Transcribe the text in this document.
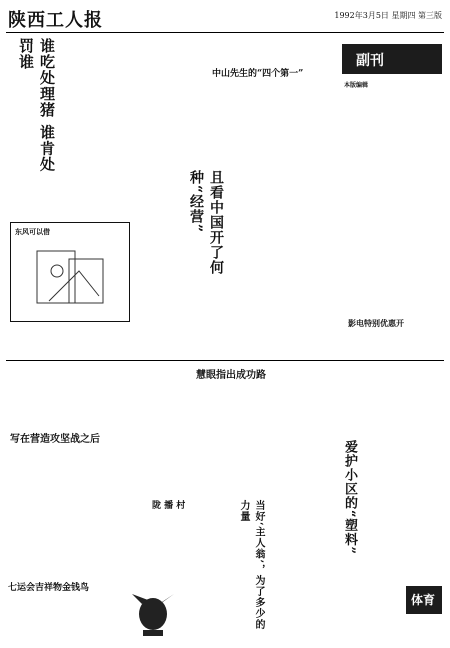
陕西工人报	1992年3月5日 星期四 第三版
谁吃处理猪 谁肯处罚谁
东风可以借
中山先生的“四个第一”
且看中国开了何种“经营”
副刊
本版编辑
影电特别优惠开
写在营造攻坚战之后
七运会吉祥物金钱鸟
慧眼指出成功路
陇 播 村	当好‘主人翁’，为了多少的力量	爱护小区的“塑料”
体育
